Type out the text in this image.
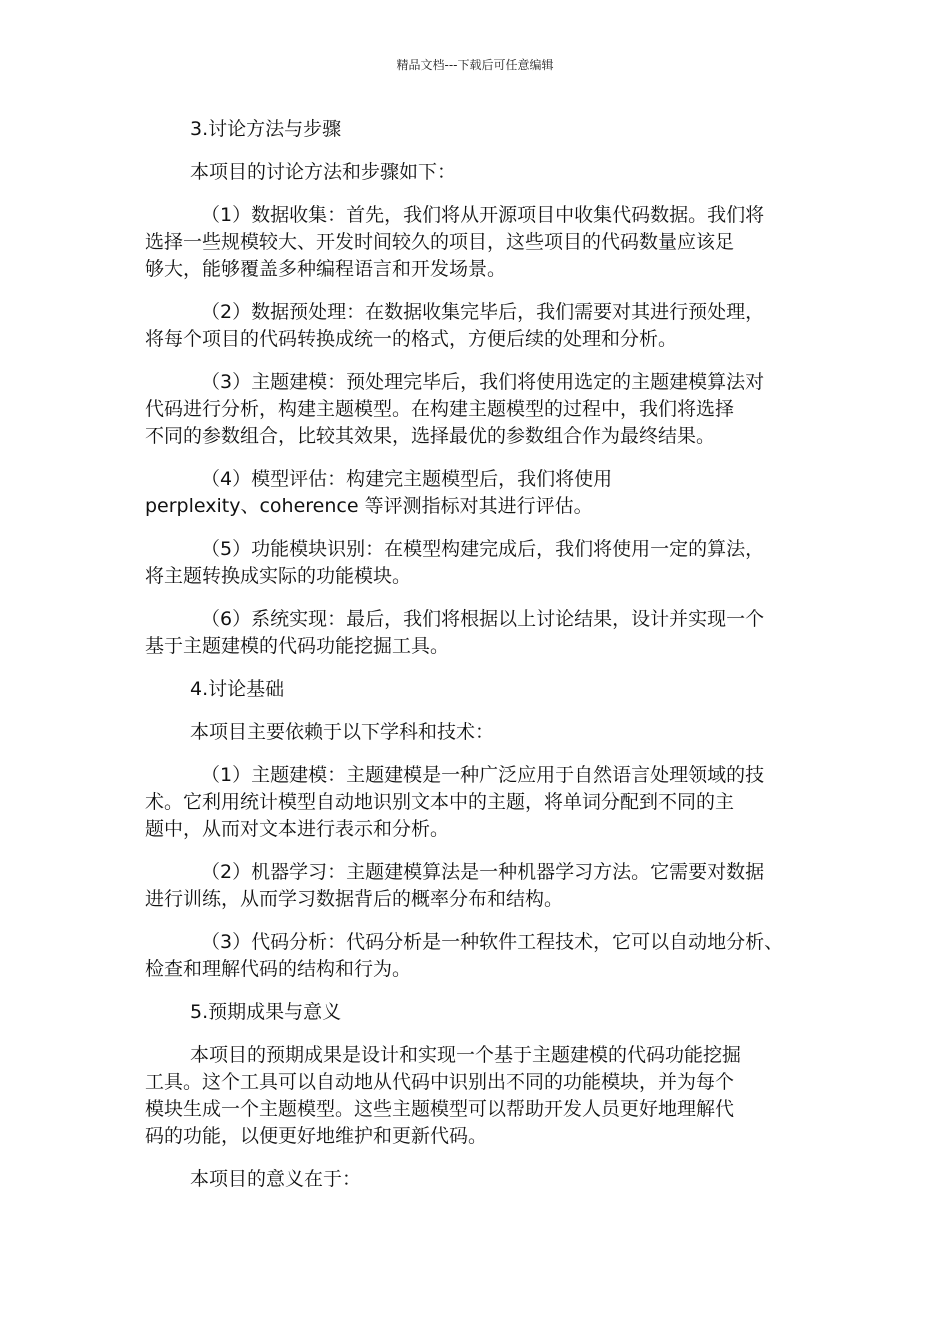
精品文档---下载后可任意编辑
3.讨论方法与步骤
本项目的讨论方法和步骤如下：
（1）数据收集：首先，我们将从开源项目中收集代码数据。我们将
选择一些规模较大、开发时间较久的项目，这些项目的代码数量应该足
够大，能够覆盖多种编程语言和开发场景。
（2）数据预处理：在数据收集完毕后，我们需要对其进行预处理，
将每个项目的代码转换成统一的格式，方便后续的处理和分析。
（3）主题建模：预处理完毕后，我们将使用选定的主题建模算法对
代码进行分析，构建主题模型。在构建主题模型的过程中，我们将选择
不同的参数组合，比较其效果，选择最优的参数组合作为最终结果。
（4）模型评估：构建完主题模型后，我们将使用
perplexity、coherence 等评测指标对其进行评估。
（5）功能模块识别：在模型构建完成后，我们将使用一定的算法，
将主题转换成实际的功能模块。
（6）系统实现：最后，我们将根据以上讨论结果，设计并实现一个
基于主题建模的代码功能挖掘工具。
4.讨论基础
本项目主要依赖于以下学科和技术：
（1）主题建模：主题建模是一种广泛应用于自然语言处理领域的技
术。它利用统计模型自动地识别文本中的主题，将单词分配到不同的主
题中，从而对文本进行表示和分析。
（2）机器学习：主题建模算法是一种机器学习方法。它需要对数据
进行训练，从而学习数据背后的概率分布和结构。
（3）代码分析：代码分析是一种软件工程技术，它可以自动地分析、
检查和理解代码的结构和行为。
5.预期成果与意义
本项目的预期成果是设计和实现一个基于主题建模的代码功能挖掘
工具。这个工具可以自动地从代码中识别出不同的功能模块，并为每个
模块生成一个主题模型。这些主题模型可以帮助开发人员更好地理解代
码的功能，以便更好地维护和更新代码。
本项目的意义在于：
